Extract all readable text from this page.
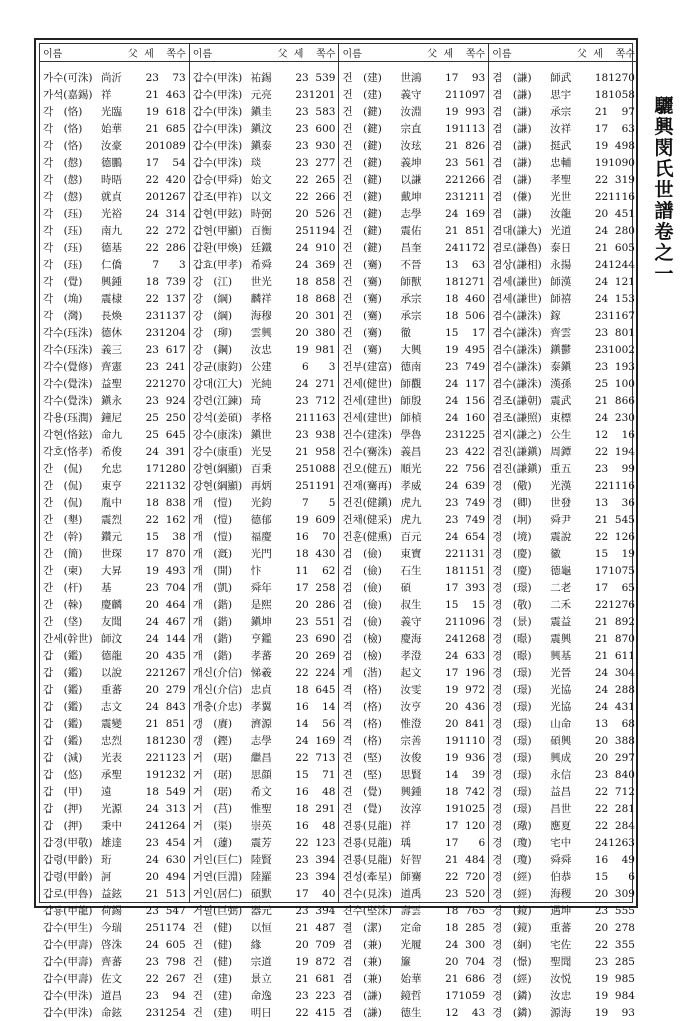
이름	父 세	쪽수
가수(可洙) 尚沂	23	73
가석(嘉錫) 祥	21 463
각　(恪)	光臨	19 618
각　(恪)	始華	21 685
각　(恪)	汝豪	20 1089
각　(慤)	德鵬	17	54
각　(慤)	時晤	22 420
각　(慤)	就貞	20 1267
각　(珏)	光裕	24 314
각　(珏)	南九	22 272
각　(珏)	德基	22 286
각　(珏)	仁僑	7	3
각　(覺)	興鍾	18 739
각　(埆)	震棣	22 137
각　(灣)	長煥	23 1137
각수(珏洙) 德休	23 1204
각수(珏洙) 義三	23 617
각수(覺修) 齊憲	23 241
각수(覺洙) 益聖	22 1270
각수(覺洙) 鎭永	23 924
각용(珏潤) 鐘尼	25 250
각현(恪鉉) 命九	25 645
각호(恪孝) 希俊	24 391
간　(侃)	允忠	17 1280
간　(侃)	東亨	22 1132
간　(侃)	胤中	18 838
간　(墾)	震烈	22 162
간　(幹)	鑽元	15	38
간　(簡)	世琛	17 870
간　(柬)	大昇	19 493
간　(杆)	基	23 704
간　(榦)	慶麟	20 464
간　(垡)	友聞	24 467
간세(幹世) 師汶	24 144
갑　(鑑)	德龍	20 435
갑　(鑑)	以說	22 1267
갑　(鑑)	重蕃	20 279
갑　(鑑)	志文	24 843
갑　(鑑)	震變	21 851
갑　(鑑)	忠烈	18 1230
갑　(減)	光表	22 1123
갑　(悠)	承聖	19 1232
갑　(甲)	遠	18 549
갑　(押)	光源	24 313
갑　(押)	秉中	24 1264
갑경(甲敬) 雄達	23 454
갑령(甲齡) 珩	24 630
갑령(甲齡) 訶	20 494
갑로(甲魯) 益鉉	21 513
갑룡(甲龍) 荷錫	23 547
갑수(甲生) 今瑞	25 1174
갑수(甲壽) 啓洙	24 605
갑수(甲壽) 齊蕃	23 798
갑수(甲壽) 佐文	22 267
갑수(甲洙) 道昌	23	94
갑수(甲洙) 命鉉	23 1254
이름	父 세	쪽수
갑수(甲洙) 祐錫	23 539
갑수(甲洙) 元亮	23 1201
갑수(甲洙) 鎭圭	23 583
갑수(甲洙) 鎭汶	23 600
갑수(甲洙) 鎭泰	23 930
갑수(甲洙) 琰	23 277
갑승(甲舜) 始文	22 265
갑조(甲祚) 以文	22 266
갑현(甲鉉) 時弼	20 526
갑현(甲顯) 百衡	25 1194
갑환(甲煥) 廷鐵	24 910
갑효(甲孝) 希舜	24 369
강　(江)	世光	18 858
강　(綱)	麟祥	18 868
강　(綱)	海穆	20 301
강　(珋)	雲興	20 380
강　(鋼)	汝忠	19 981
강균(康鈞) 公建	6	3
강대(江大) 光純	24 271
강련(江鍊) 琦	23 712
강석(姜碩) 孝格	21 1163
강수(康洙) 鎭世	23 938
강수(康重) 光旻	21 958
강현(綱顯) 百秉	25 1088
강현(綱顯) 再炳	25 1191
개　(愷)	光鈞	7	5
개　(愷)	德郁	19 609
개　(愷)	福慶	16	70
개　(漑)	光門	18 430
개　(開)	忭	11	62
개　(凱)	舜年	17 258
개　(鍇)	是熙	20 286
개　(鍇)	鎭坤	23 551
개　(鍇)	亨鑑	23 690
개　(鍇)	孝蕃	20 269
개신(介信) 悌羲	22 224
개신(介信) 忠貞	18 645
개충(介忠) 孝翼	16	14
갱　(賡)	濟源	14	56
갱　(鏗)	志學	24 169
거　(琚)	繼昌	22 713
거　(琚)	思顔	15	71
거　(琚)	希文	16	48
거　(莒)	惟聖	18 291
거　(渠)	崇英	16	48
거　(蘧)	震芳	22 123
거인(巨仁) 陸賢	23 394
거연(巨淵) 陸羅	23 394
거인(居仁) 碩默	17	40
거필(巨弼) 器元	23 394
건　(健)	以恒	21 487
건　(健)	緣	20 709
건　(健)	宗道	19 872
건　(建)	景立	21 681
건　(建)	命逸	23 223
건　(建)	明日	22 415
이름	父 세	쪽수
건　(建)	世鴻	17	93
건　(建)	義守	21 1097
건　(鍵)	汝淵	19 993
건　(鍵)	宗直	19 1113
건　(鍵)	汝玹	21 826
건　(鍵)	義坤	23 561
건　(鍵)	以謙	22 1266
건　(鍵)	戴坤	23 1211
건　(鍵)	志學	24 169
건　(鍵)	震佑	21 851
건　(鍵)	昌奎	24 1172
건　(騫)	不晉	13	63
건　(騫)	師獸	18 1271
건　(騫)	承宗	18 460
건　(騫)	承宗	18 506
건　(騫)	徹	15	17
건　(騫)	大興	19 495
건부(建富) 德南	23 749
건세(健世) 師觀	24 117
건세(建世) 師殷	24 156
건세(建世) 師楨	24 160
건수(建洙) 學魯	23 1225
건수(騫洙) 義昌	23 422
건오(健五) 順光	22 756
건재(騫再) 孝威	24 639
건진(健鎭) 虎九	23 749
건채(健采) 虎九	23 749
건훈(健熏) 百元	24 654
검　(儉)	東寶	22 1131
검　(儉)	石生	18 1151
검　(儉)	碩	17 393
검　(儉)	叔生	15	15
검　(儉)	義守	21 1096
검　(檢)	慶海	24 1268
검　(檢)	孝澄	24 633
게　(湝)	起文	17 196
격　(格)	汝雯	19 972
격　(格)	汝亨	20 436
격　(格)	惟澄	20 841
격　(格)	宗善	19 1110
견　(堅)	汝俊	19 936
견　(堅)	思賢	14	39
견　(覺)	興鍾	18 742
견　(覺)	汝淳	19 1025
견룡(見龍) 祥	17 120
견룡(見龍) 瑀	17	6
견룡(見龍) 好智	21 484
견성(牽星) 師騫	22 720
견수(見洙) 道禹	23 520
견수(堅洙) 壽雲	18 765
결　(潔)	定命	18 285
겸　(兼)	光履	24 300
겸　(兼)	簾	20 704
겸　(兼)	始華	21 686
겸　(謙)	鏡哲	17 1059
겸　(謙)	德生	12	43
이름	父 세	쪽수
겸　(謙)	師武	18 1270
겸　(謙)	思宇	18 1058
겸　(謙)	承宗	21	97
겸　(謙)	汝祥	17	63
겸　(謙)	挺武	19 498
겸　(謙)	忠輔	19 1090
겸　(謙)	孝聖	22 319
겸　(傔)	光世	22 1116
겸　(謙)	汝龍	20 451
겸대(謙大) 光道	24 280
겸로(謙魯) 泰日	21 605
겸상(謙相) 永揚	24 1244
겸세(謙世) 師漢	24 121
겸세(謙世) 師禧	24 153
겸수(謙洙) 鎵	23 1167
겸수(謙洙) 齊雲	23 801
겸수(謙洙) 鎭鬱	23 1002
겸수(謙洙) 泰鎭	23 193
겸수(謙洙) 漢孫	25 100
겸조(謙朝) 震武	21 866
겸조(謙照) 東標	24 230
겸지(謙之) 公生	12	16
겸진(謙鎭) 周鐔	22 194
겸진(謙鎭) 重五	23	99
경　(儆)	光漢	22 1116
경　(卿)	世發	13	36
경　(坰)	舜尹	21 545
경　(境)	震說	22 126
경　(慶)	徽	15	19
경　(慶)	德龜	17 1075
경　(璟)	二老	17	65
경　(敬)	二禾	22 1276
경　(景)	震益	21 892
경　(暻)	震興	21 870
경　(暻)	興基	21 611
경　(璟)	光晉	24 304
경　(璟)	光協	24 288
경　(璟)	光協	24 431
경　(璟)	山命	13	68
경　(璟)	碩興	20 388
경　(璟)	興成	20 297
경　(璟)	永信	23 840
경　(璟)	益昌	22 712
경　(璟)	昌世	22 281
경　(璥)	應夏	22 284
경　(瓊)	宅中	24 1263
경　(瓊)	舜舜	16	49
경　(經)	伯恭	15	6
경　(經)	海稷	20 309
경　(鏡)	遇坤	23 555
경　(鏡)	重蕃	20 278
경　(絅)	宅佐	22 355
경　(憬)	聖聞	23 285
경　(經)	汝悦	19 985
경　(鏻)	汝忠	19 984
경　(鏻)	源海	19	93
驪
興
閔
氏
世
譜
卷
之
一
